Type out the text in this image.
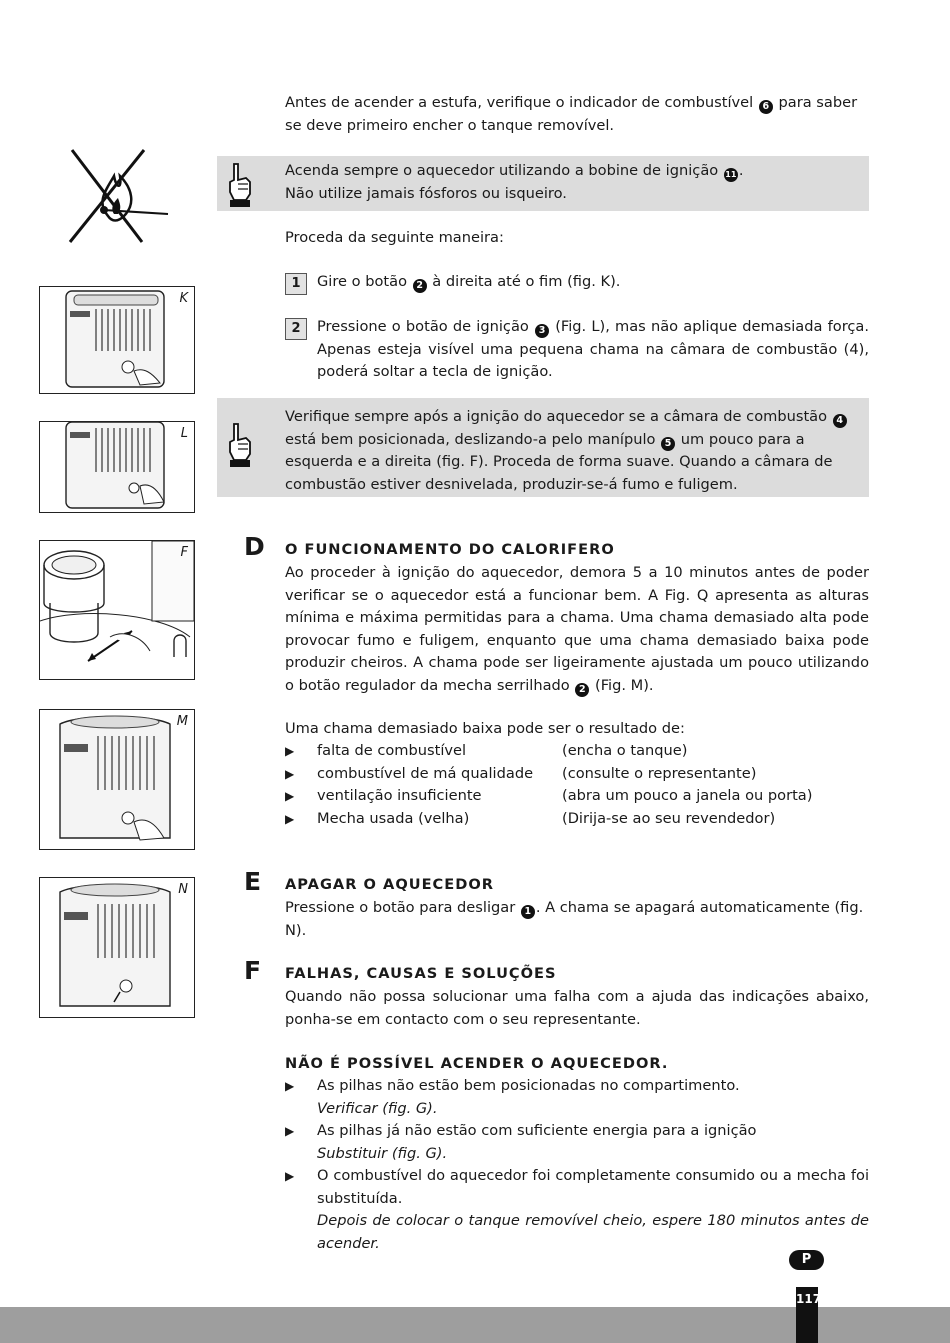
Antes de acender a estufa, verifique o indicador de combustível 6 para saber se deve primeiro encher o tanque removível.
Acenda sempre o aquecedor utilizando a bobine de ignição 11 .
Não utilize jamais fósforos ou isqueiro.
Proceda da seguinte maneira:
1	Gire o botão 2 à direita até o fim (fig. K).
2	Pressione o botão de ignição 3 (Fig. L), mas não aplique demasiada força. Apenas esteja visível uma pequena chama na câmara de combustão (4), poderá soltar a tecla de ignição.
Verifique sempre após a ignição do aquecedor se a câmara de combustão 4 está bem posicionada, deslizando-a pelo manípulo 5 um pouco para a esquerda e a direita (fig. F). Proceda de forma suave. Quando a câmara de combustão estiver desnivelada, produzir-se-á fumo e fuligem.
D O FUNCIONAMENTO DO CALORIFERO
Ao proceder à ignição do aquecedor, demora 5 a 10 minutos antes de poder verificar se o aquecedor está a funcionar bem. A Fig. Q apresenta as alturas mínima e máxima permitidas para a chama. Uma chama demasiado alta pode provocar fumo e fuligem, enquanto que uma chama demasiado baixa pode produzir cheiros. A chama pode ser ligeiramente ajustada um pouco utilizando o botão regulador da mecha serrilhado 2 (Fig. M).
Uma chama demasiado baixa pode ser o resultado de:
▶ falta de combustível	(encha o tanque)
▶ combustível de má qualidade (consulte o representante)
▶ ventilação insuficiente	(abra um pouco a janela ou porta)
▶ Mecha usada (velha)	(Dirija-se ao seu revendedor)
E APAGAR O AQUECEDOR
Pressione o botão para desligar 1 . A chama se apagará automaticamente (fig. N).
F FALHAS, CAUSAS E SOLUÇÕES
Quando não possa solucionar uma falha com a ajuda das indicações abaixo, ponha-se em contacto com o seu representante.
NÃO É POSSÍVEL ACENDER O AQUECEDOR.
▶ As pilhas não estão bem posicionadas no compartimento.
Verificar (fig. G).
▶ As pilhas já não estão com suficiente energia para a ignição
Substituir (fig. G).
▶ O combustível do aquecedor foi completamente consumido ou a mecha foi substituída.
Depois de colocar o tanque removível cheio, espere 180 minutos antes de acender.
K
L
F
M
N
P
117
